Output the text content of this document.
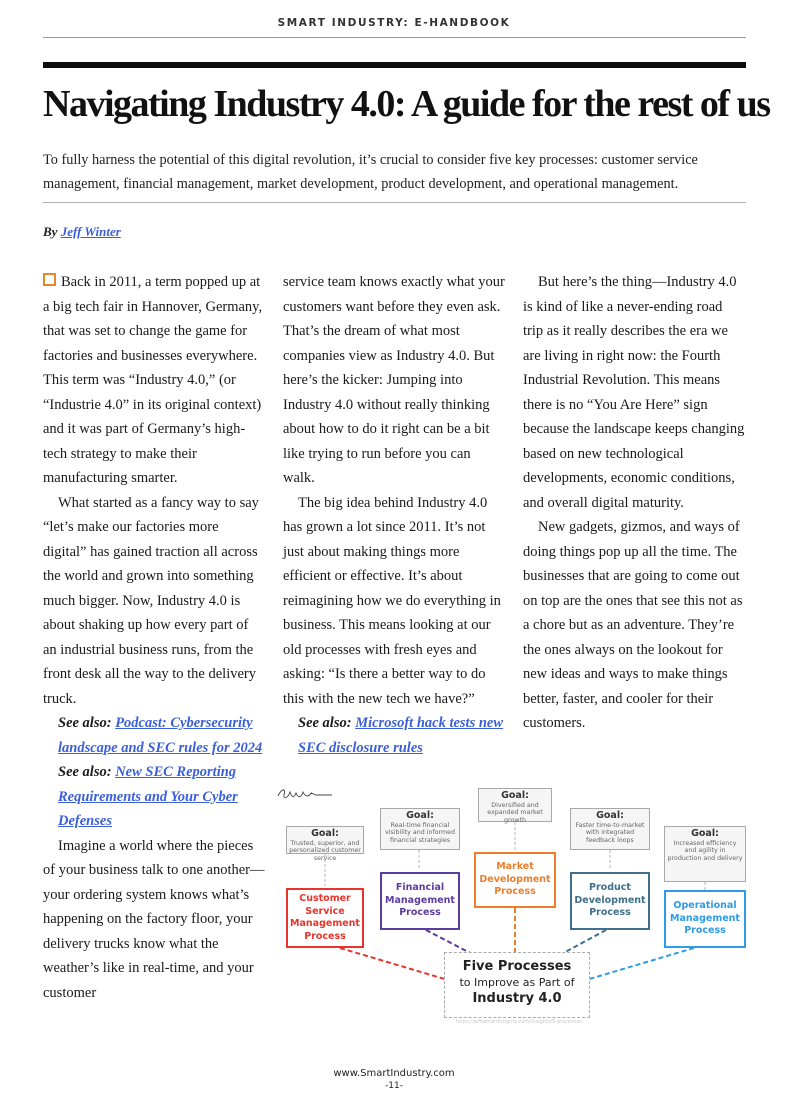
SMART INDUSTRY: E-HANDBOOK
Navigating Industry 4.0: A guide for the rest of us

To fully harness the potential of this digital revolution, it’s crucial to consider five key processes: customer service management, financial management, market development, product development, and operational management.

By Jeff Winter

Back in 2011, a term popped up at a big tech fair in Hannover, Germany, that was set to change the game for factories and businesses everywhere. This term was “Industry 4.0,” (or “Industrie 4.0” in its original context) and it was part of Germany’s high-tech strategy to make their manufacturing smarter.

What started as a fancy way to say “let’s make our factories more digital” has gained traction all across the world and grown into something much bigger. Now, Industry 4.0 is about shaking up how every part of an industrial business runs, from the front desk all the way to the delivery truck.

See also: Podcast: Cybersecurity landscape and SEC rules for 2024

See also: New SEC Reporting Requirements and Your Cyber Defenses

Imagine a world where the pieces of your business talk to one another—your ordering system knows what’s happening on the factory floor, your delivery trucks know what the weather’s like in real-time, and your customer

service team knows exactly what your customers want before they even ask. That’s the dream of what most companies view as Industry 4.0. But here’s the kicker: Jumping into Industry 4.0 without really thinking about how to do it right can be a bit like trying to run before you can walk.

The big idea behind Industry 4.0 has grown a lot since 2011. It’s not just about making things more efficient or effective. It’s about reimagining how we do everything in business. This means looking at our old processes with fresh eyes and asking: “Is there a better way to do this with the new tech we have?”

See also: Microsoft hack tests new SEC disclosure rules

But here’s the thing—Industry 4.0 is kind of like a never-ending road trip as it really describes the era we are living in right now: the Fourth Industrial Revolution. This means there is no “You Are Here” sign because the landscape keeps changing based on new technological developments, economic conditions, and overall digital maturity.

New gadgets, gizmos, and ways of doing things pop up all the time. The businesses that are going to come out on top are the ones that see this not as a chore but as an adventure. They’re the ones always on the lookout for new ideas and ways to make things better, faster, and cooler for their customers.

Goal:
Trusted, superior, and personalized customer service
Goal:
Real-time financial visibility and informed financial strategies
Goal:
Diversified and expanded market growth	Goal:
Faster time-to-market with integrated feedback loops
Goal:
Increased efficiency and agility in production and delivery
Customer Service Management Process
Financial Management Process
Market Development Process	Product Development Process
Operational Management Process
Five Processes
to Improve as Part of
Industry 4.0
https://jeffwinterinsights.com/insights/5-processes
www.SmartIndustry.com
-11-
